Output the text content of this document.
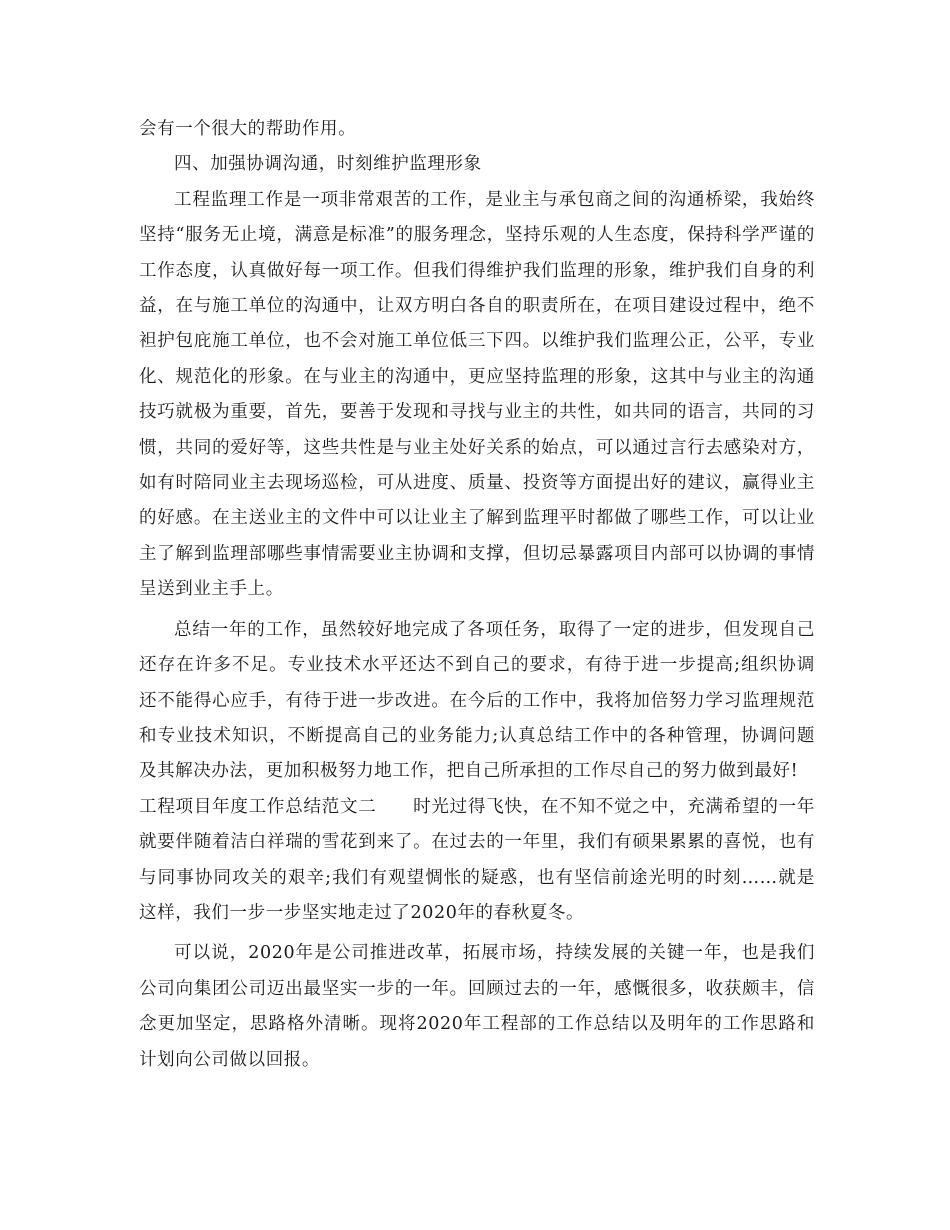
会有一个很大的帮助作用。

四、加强协调沟通，时刻维护监理形象

工程监理工作是一项非常艰苦的工作，是业主与承包商之间的沟通桥梁，我始终坚持“服务无止境，满意是标准”的服务理念，坚持乐观的人生态度，保持科学严谨的工作态度，认真做好每一项工作。但我们得维护我们监理的形象，维护我们自身的利益，在与施工单位的沟通中，让双方明白各自的职责所在，在项目建设过程中，绝不袒护包庇施工单位，也不会对施工单位低三下四。以维护我们监理公正，公平，专业化、规范化的形象。在与业主的沟通中，更应坚持监理的形象，这其中与业主的沟通技巧就极为重要，首先，要善于发现和寻找与业主的共性，如共同的语言，共同的习惯，共同的爱好等，这些共性是与业主处好关系的始点，可以通过言行去感染对方，如有时陪同业主去现场巡检，可从进度、质量、投资等方面提出好的建议，赢得业主的好感。在主送业主的文件中可以让业主了解到监理平时都做了哪些工作，可以让业主了解到监理部哪些事情需要业主协调和支撑，但切忌暴露项目内部可以协调的事情呈送到业主手上。

总结一年的工作，虽然较好地完成了各项任务，取得了一定的进步，但发现自己还存在许多不足。专业技术水平还达不到自己的要求，有待于进一步提高;组织协调还不能得心应手，有待于进一步改进。在今后的工作中，我将加倍努力学习监理规范和专业技术知识，不断提高自己的业务能力;认真总结工作中的各种管理，协调问题及其解决办法，更加积极努力地工作，把自己所承担的工作尽自己的努力做到最好!

工程项目年度工作总结范文二　　时光过得飞快，在不知不觉之中，充满希望的一年就要伴随着洁白祥瑞的雪花到来了。在过去的一年里，我们有硕果累累的喜悦，也有与同事协同攻关的艰辛;我们有观望惆怅的疑惑，也有坚信前途光明的时刻……就是这样，我们一步一步坚实地走过了2020年的春秋夏冬。

可以说，2020年是公司推进改革，拓展市场，持续发展的关键一年，也是我们公司向集团公司迈出最坚实一步的一年。回顾过去的一年，感慨很多，收获颇丰，信念更加坚定，思路格外清晰。现将2020年工程部的工作总结以及明年的工作思路和计划向公司做以回报。
